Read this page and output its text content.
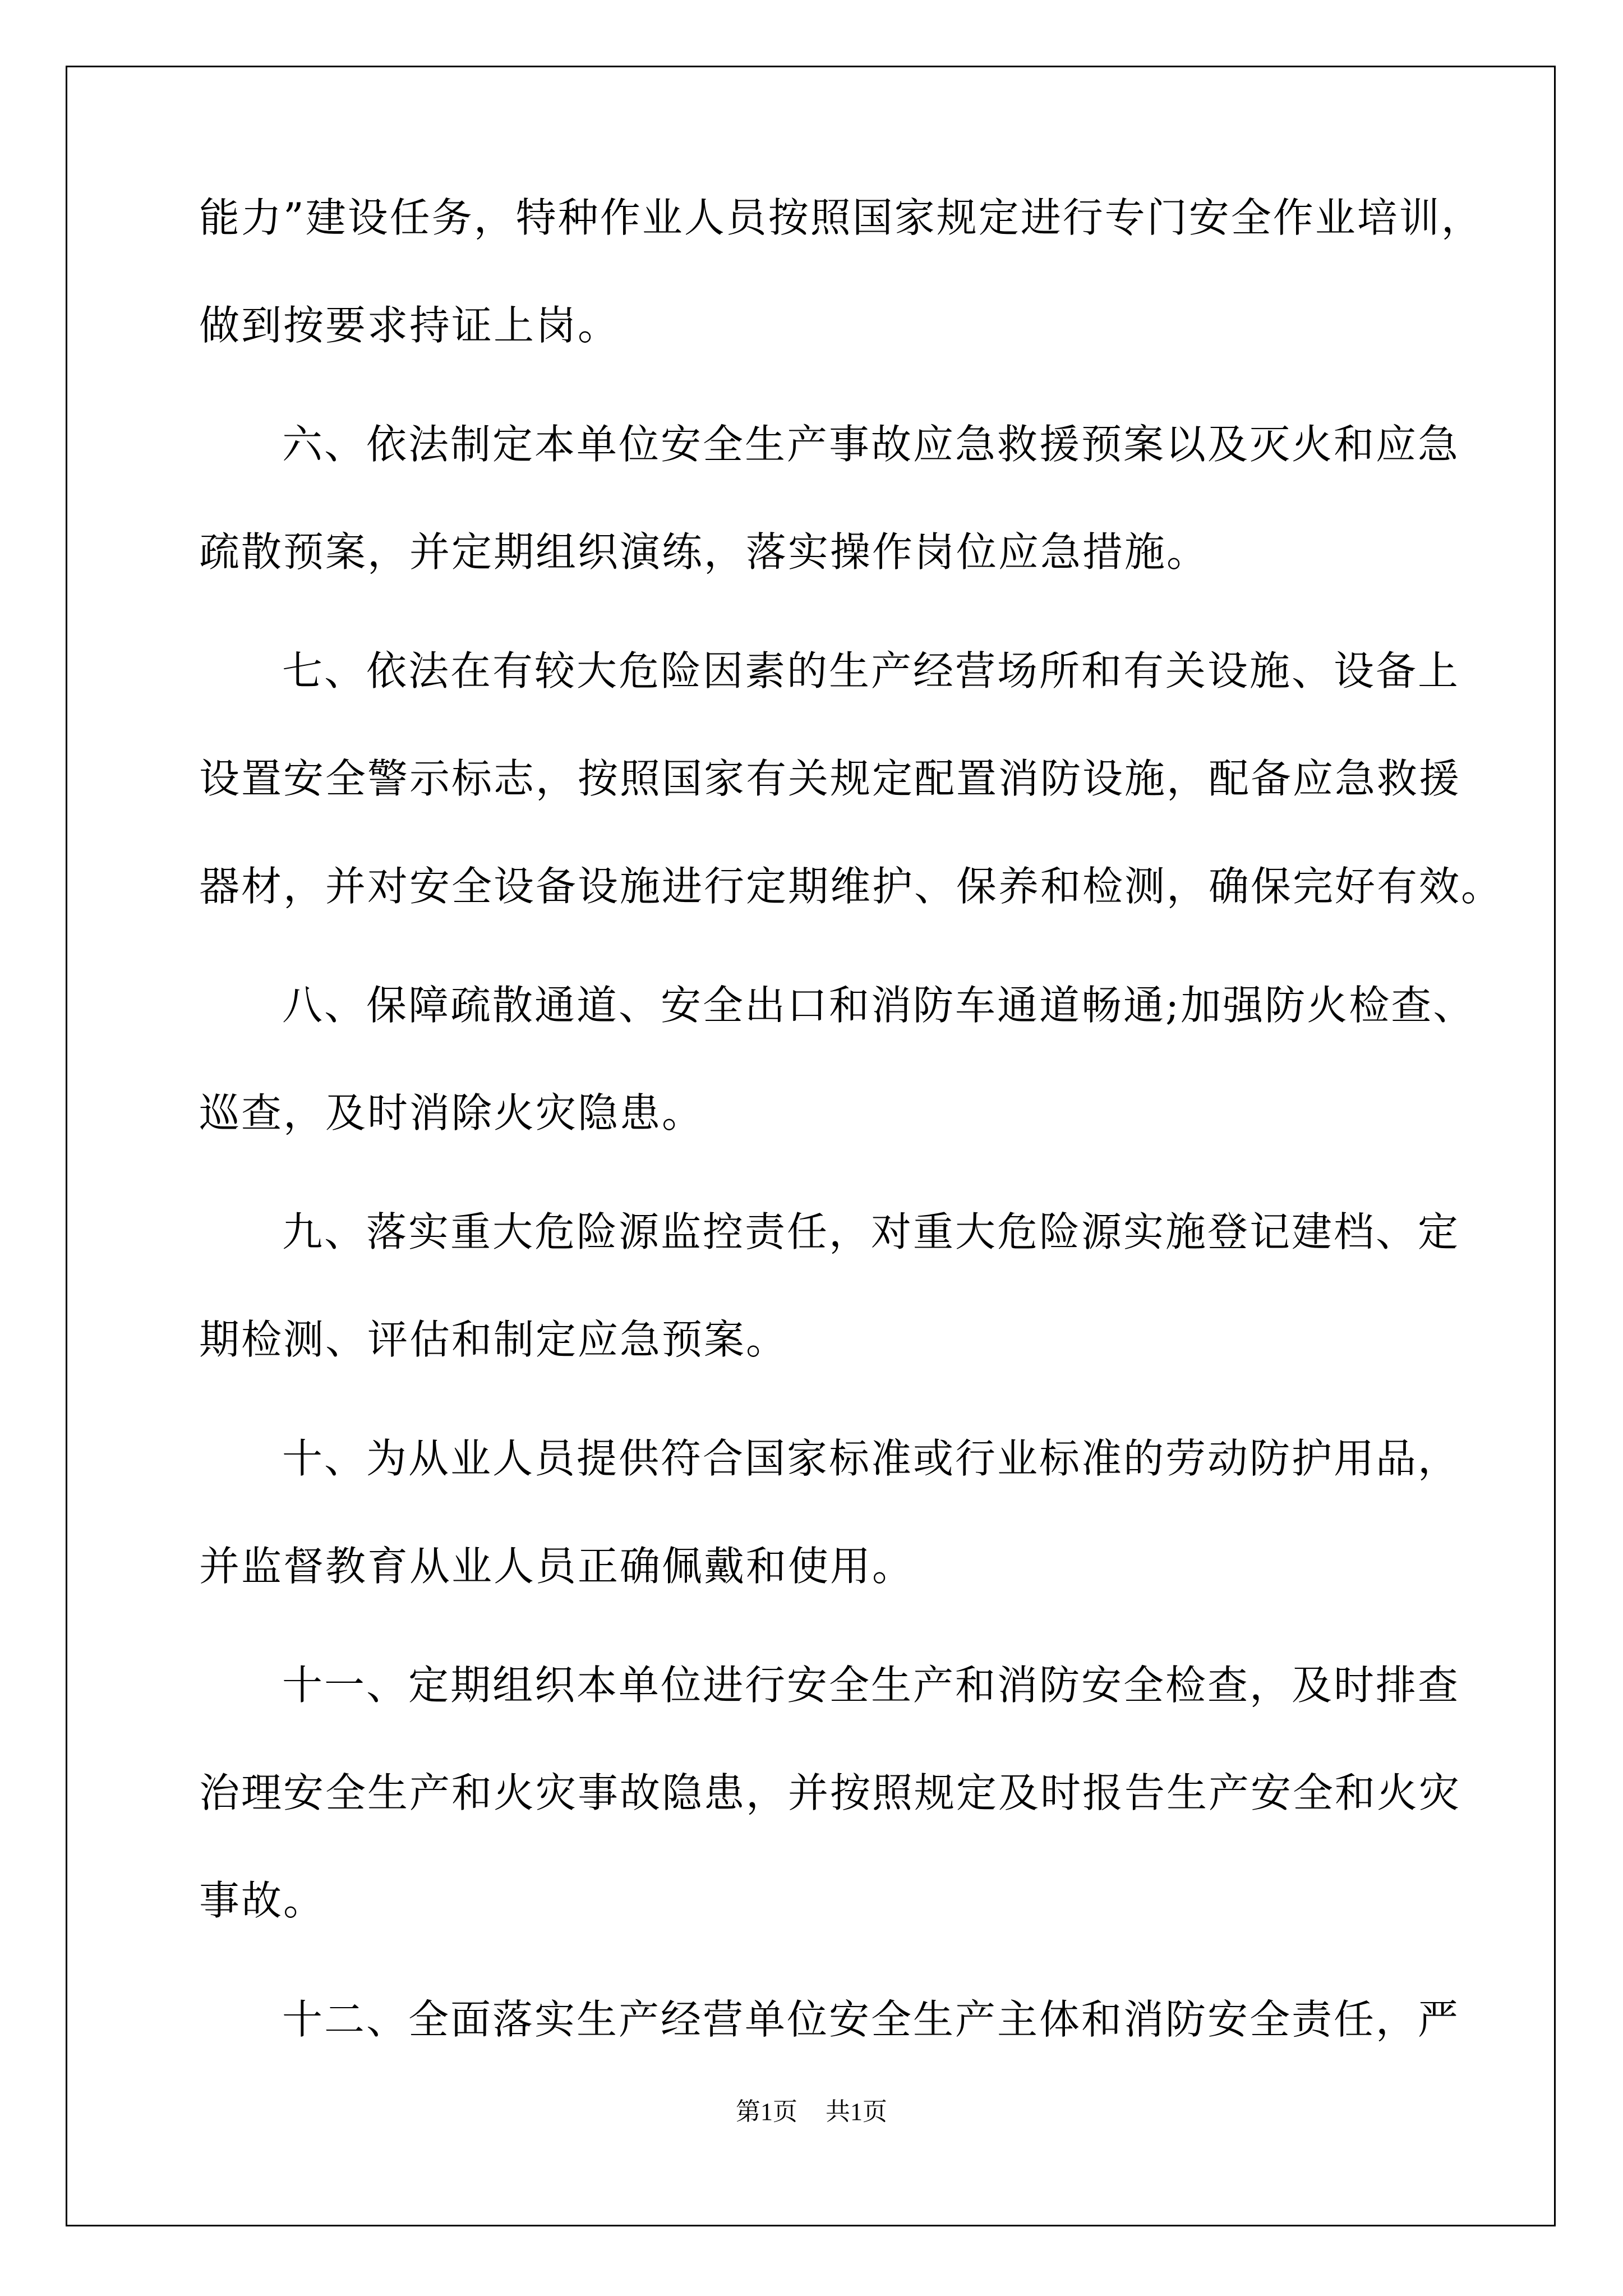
能力”建设任务，特种作业人员按照国家规定进行专门安全作业培训，
做到按要求持证上岗。
六、依法制定本单位安全生产事故应急救援预案以及灭火和应急
疏散预案，并定期组织演练，落实操作岗位应急措施。
七、依法在有较大危险因素的生产经营场所和有关设施、设备上
设置安全警示标志，按照国家有关规定配置消防设施，配备应急救援
器材，并对安全设备设施进行定期维护、保养和检测，确保完好有效。
八、保障疏散通道、安全出口和消防车通道畅通;加强防火检查、
巡查，及时消除火灾隐患。
九、落实重大危险源监控责任，对重大危险源实施登记建档、定
期检测、评估和制定应急预案。
十、为从业人员提供符合国家标准或行业标准的劳动防护用品，
并监督教育从业人员正确佩戴和使用。
十一、定期组织本单位进行安全生产和消防安全检查，及时排查
治理安全生产和火灾事故隐患，并按照规定及时报告生产安全和火灾
事故。
十二、全面落实生产经营单位安全生产主体和消防安全责任，严
第1页 共1页
